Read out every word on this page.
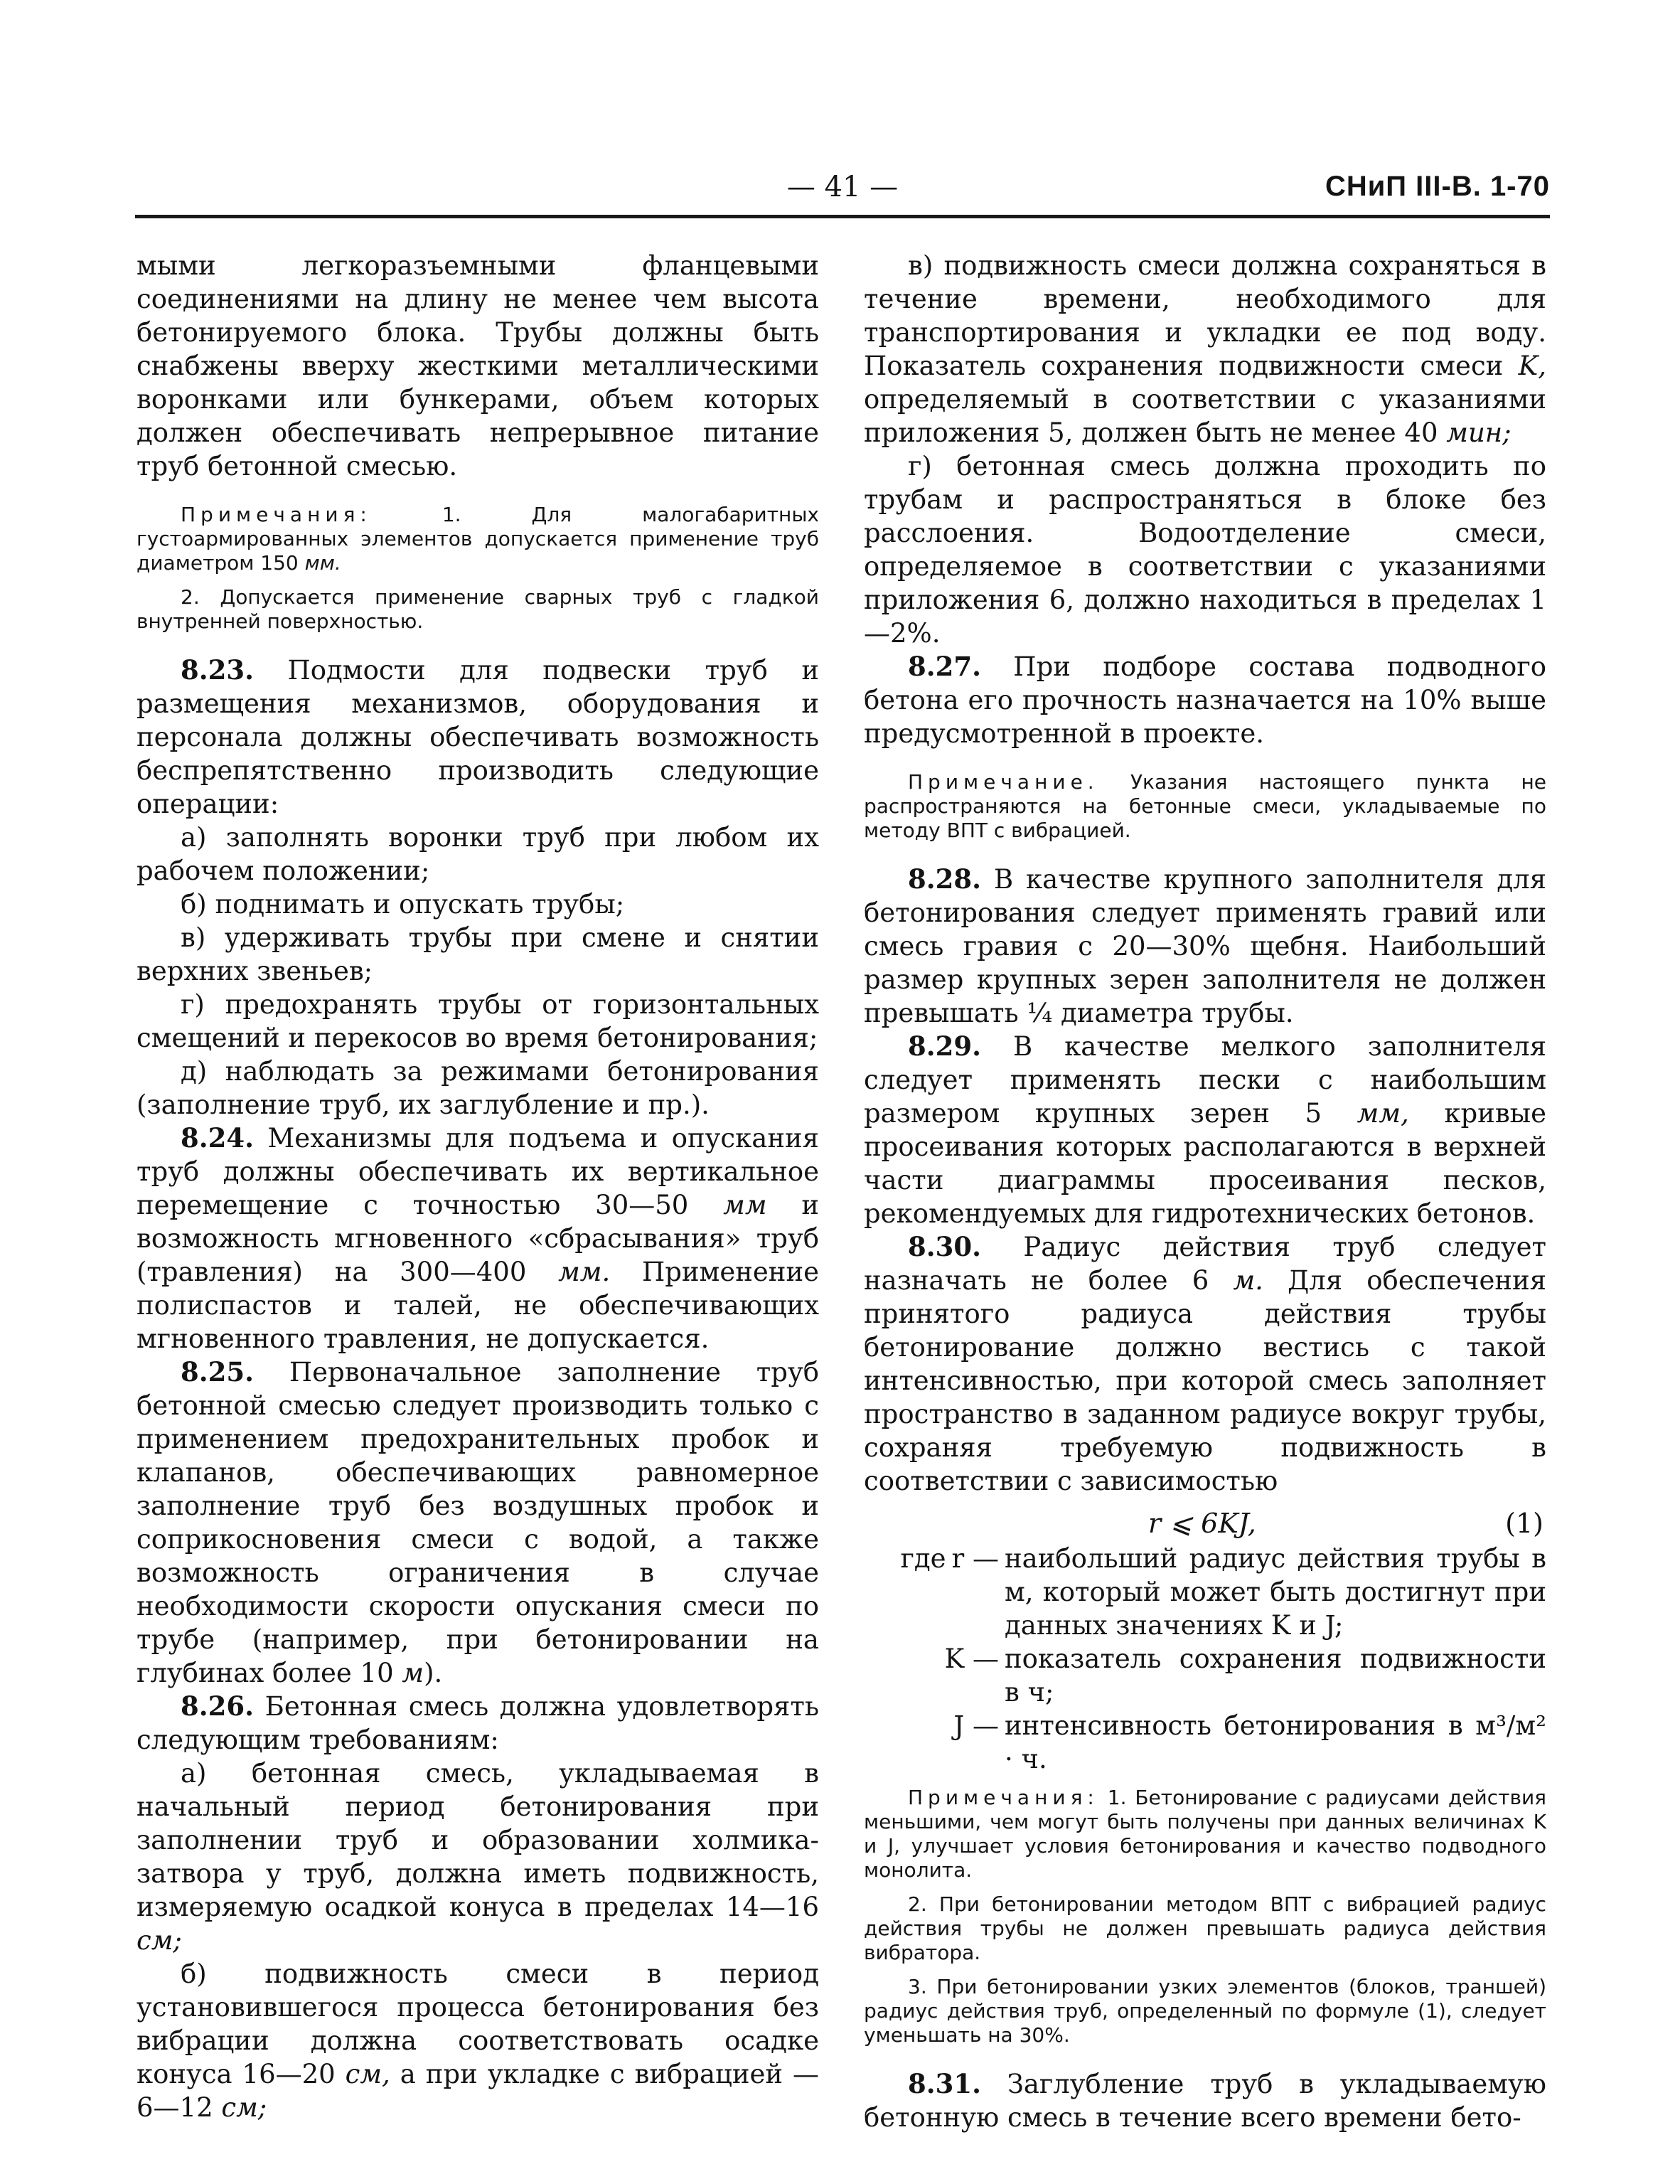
— 41 —	СНиП III-В. 1-70

мыми легкоразъемными фланцевыми соединениями на длину не менее чем высота бетонируемого блока. Трубы должны быть снабжены вверху жесткими металлическими воронками или бункерами, объем которых должен обеспечивать непрерывное питание труб бетонной смесью.

Примечания:	1. Для малогабаритных густоармированных элементов допускается применение труб диаметром 150 мм.

2. Допускается применение сварных труб с гладкой внутренней поверхностью.

8.23. Подмости для подвески труб и размещения механизмов, оборудования и персонала должны обеспечивать возможность беспрепятственно производить следующие операции:

а) заполнять воронки труб при любом их рабочем положении;

б) поднимать и опускать трубы;

в) удерживать трубы при смене и снятии верхних звеньев;

г) предохранять трубы от горизонтальных смещений и перекосов во время бетонирования;

д) наблюдать за режимами бетонирования (заполнение труб, их заглубление и пр.).

8.24. Механизмы для подъема и опускания труб должны обеспечивать их вертикальное перемещение с точностью 30—50 мм и возможность мгновенного «сбрасывания» труб (травления) на 300—400 мм. Применение полиспастов и талей, не обеспечивающих мгновенного травления, не допускается.

8.25. Первоначальное заполнение труб бетонной смесью следует производить только с применением предохранительных пробок и клапанов, обеспечивающих равномерное заполнение труб без воздушных пробок и соприкосновения смеси с водой, а также возможность ограничения в случае необходимости скорости опускания смеси по трубе (например, при бетонировании на глубинах более 10 м).

8.26. Бетонная смесь должна удовлетворять следующим требованиям:

а) бетонная смесь, укладываемая в начальный период бетонирования при заполнении труб и образовании холмика-затвора у труб, должна иметь подвижность, измеряемую осадкой конуса в пределах 14—16 см;

б) подвижность смеси в период установившегося процесса бетонирования без вибрации должна соответствовать осадке конуса 16—20 см, а при укладке с вибрацией — 6—12 см;

в) подвижность смеси должна сохраняться в течение времени, необходимого для транспортирования и укладки ее под воду. Показатель сохранения подвижности смеси K, определяемый в соответствии с указаниями приложения 5, должен быть не менее 40 мин;

г) бетонная смесь должна проходить по трубам и распространяться в блоке без расслоения. Водоотделение смеси, определяемое в соответствии с указаниями приложения 6, должно находиться в пределах 1—2%.

8.27. При подборе состава подводного бетона его прочность назначается на 10% выше предусмотренной в проекте.

Примечание. Указания настоящего пункта не распространяются на бетонные смеси, укладываемые по методу ВПТ с вибрацией.

8.28. В качестве крупного заполнителя для бетонирования следует применять гравий или смесь гравия с 20—30% щебня. Наибольший размер крупных зерен заполнителя не должен превышать ¼ диаметра трубы.

8.29. В качестве мелкого заполнителя следует применять пески с наибольшим размером крупных зерен 5 мм, кривые просеивания которых располагаются в верхней части диаграммы просеивания песков, рекомендуемых для гидротехнических бетонов.

8.30. Радиус действия труб следует назначать не более 6 м. Для обеспечения принятого радиуса действия трубы бетонирование должно вестись с такой интенсивностью, при которой смесь заполняет пространство в заданном радиусе вокруг трубы, сохраняя требуемую подвижность в соответствии с зависимостью

r ⩽ 6KJ,	(1)
где r — наибольший радиус действия трубы в м, который может быть достигнут при данных значениях K и J;
K — показатель сохранения подвижности в ч;
J — интенсивность бетонирования в м³/м² · ч.

Примечания: 1. Бетонирование с радиусами действия меньшими, чем могут быть получены при данных величинах K и J, улучшает условия бетонирования и качество подводного монолита.

2. При бетонировании методом ВПТ с вибрацией радиус действия трубы не должен превышать радиуса действия вибратора.

3. При бетонировании узких элементов (блоков, траншей) радиус действия труб, определенный по формуле (1), следует уменьшать на 30%.

8.31. Заглубление труб в укладываемую бетонную смесь в течение всего времени бето-
